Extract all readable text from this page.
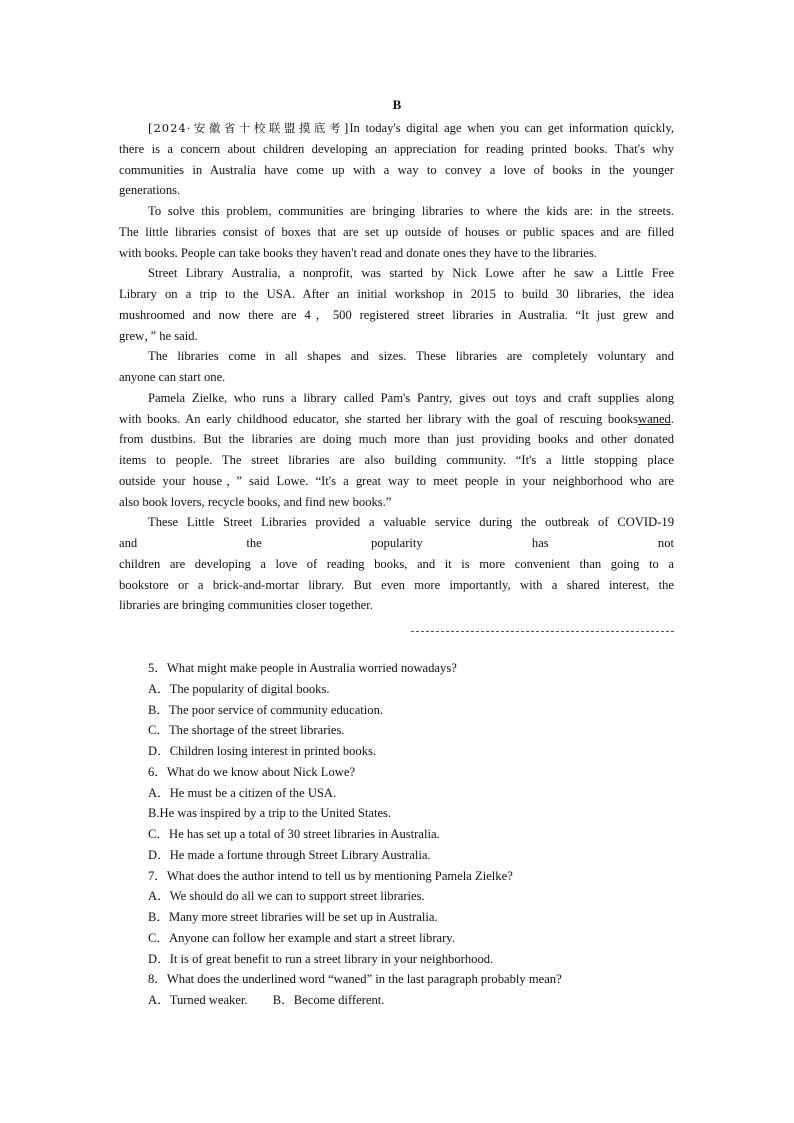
B
[2024·安徽省十校联盟摸底考]In today's digital age when you can get information quickly,
there is a concern about children developing an appreciation for reading printed books. That's why
communities in Australia have come up with a way to convey a love of books in the younger
generations.
To solve this problem, communities are bringing libraries to where the kids are: in the streets.
The little libraries consist of boxes that are set up outside of houses or public spaces and are filled
with books. People can take books they haven't read and donate ones they have to the libraries.
Street Library Australia, a nonprofit, was started by Nick Lowe after he saw a Little Free
Library on a trip to the USA. After an initial workshop in 2015 to build 30 libraries, the idea
mushroomed and now there are 4，500 registered street libraries in Australia. “It just grew and
grew，” he said.
The libraries come in all shapes and sizes. These libraries are completely voluntary and
anyone can start one.
Pamela Zielke, who runs a library called Pam's Pantry, gives out toys and craft supplies along
with books. An early childhood educator, she started her library with the goal of rescuing bookswaned.
from dustbins. But the libraries are doing much more than just providing books and other donated
items to people. The street libraries are also building community. “It's a little stopping place
outside your house，” said Lowe. “It's a great way to meet people in your neighborhood who are
also book lovers, recycle books, and find new books.”
These Little Street Libraries provided a valuable service during the outbreak of COVID-19
and the popularity has not
children are developing a love of reading books, and it is more convenient than going to a
bookstore or a brick-and-mortar library. But even more importantly, with a shared interest, the
libraries are bringing communities closer together.
5．What might make people in Australia worried nowadays?
A．The popularity of digital books.
B．The poor service of community education.
C．The shortage of the street libraries.
D．Children losing interest in printed books.
6．What do we know about Nick Lowe?
A．He must be a citizen of the USA.
B.He was inspired by a trip to the United States.
C．He has set up a total of 30 street libraries in Australia.
D．He made a fortune through Street Library Australia.
7．What does the author intend to tell us by mentioning Pamela Zielke?
A．We should do all we can to support street libraries.
B．Many more street libraries will be set up in Australia.
C．Anyone can follow her example and start a street library.
D．It is of great benefit to run a street library in your neighborhood.
8．What does the underlined word “waned” in the last paragraph probably mean?
A．Turned weaker.        B．Become different.
